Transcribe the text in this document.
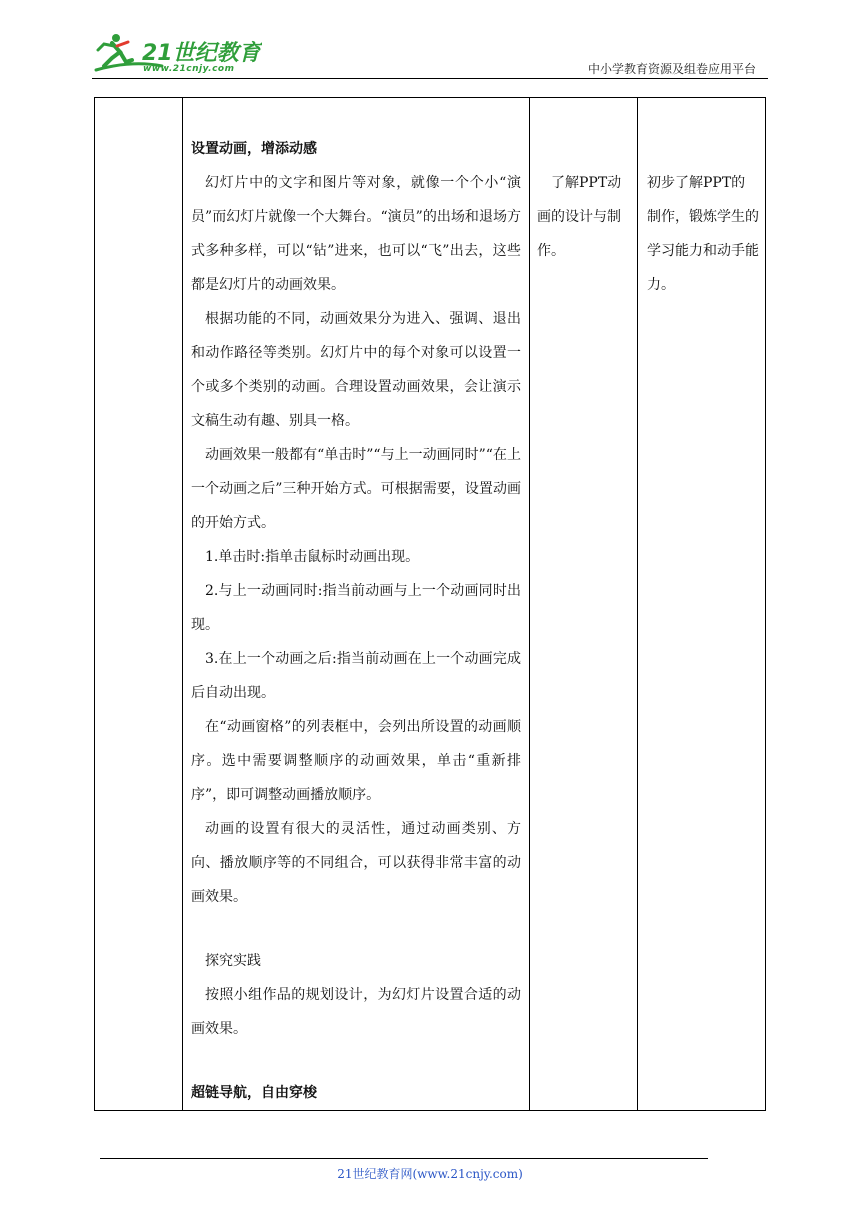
21世纪教育
www.21cnjy.com	中小学教育资源及组卷应用平台

设置动画，增添动感

幻灯片中的文字和图片等对象，就像一个个小“演员”而幻灯片就像一个大舞台。“演员”的出场和退场方式多种多样，可以“钻”进来，也可以“飞”出去，这些都是幻灯片的动画效果。

根据功能的不同，动画效果分为进入、强调、退出和动作路径等类别。幻灯片中的每个对象可以设置一个或多个类别的动画。合理设置动画效果，会让演示文稿生动有趣、别具一格。

动画效果一般都有“单击时”“与上一动画同时”“在上一个动画之后”三种开始方式。可根据需要，设置动画的开始方式。

1.单击时:指单击鼠标时动画出现。

2.与上一动画同时:指当前动画与上一个动画同时出现。

3.在上一个动画之后:指当前动画在上一个动画完成后自动出现。

在“动画窗格”的列表框中，会列出所设置的动画顺序。选中需要调整顺序的动画效果，单击“重新排序”，即可调整动画播放顺序。

动画的设置有很大的灵活性，通过动画类别、方向、播放顺序等的不同组合，可以获得非常丰富的动画效果。

探究实践

按照小组作品的规划设计，为幻灯片设置合适的动画效果。

超链导航，自由穿梭

了解PPT动画的设计与制作。

初步了解PPT的制作，锻炼学生的学习能力和动手能力。

21世纪教育网(www.21cnjy.com)
